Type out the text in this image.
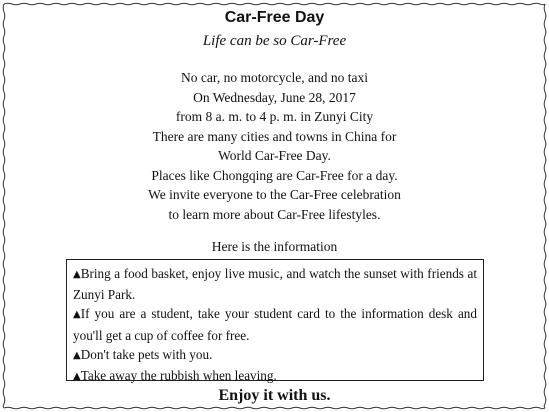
Car-Free Day
Life can be so Car-Free
No car, no motorcycle, and no taxi
On Wednesday, June 28, 2017
from 8 a. m. to 4 p. m. in Zunyi City
There are many cities and towns in China for
World Car-Free Day.
Places like Chongqing are Car-Free for a day.
We invite everyone to the Car-Free celebration
to learn more about Car-Free lifestyles.
Here is the information

▲Bring a food basket, enjoy live music, and watch the sunset with friends at Zunyi Park.

▲If you are a student, take your student card to the information desk and you'll get a cup of coffee for free.

▲Don't take pets with you.

▲Take away the rubbish when leaving.

Enjoy it with us.
